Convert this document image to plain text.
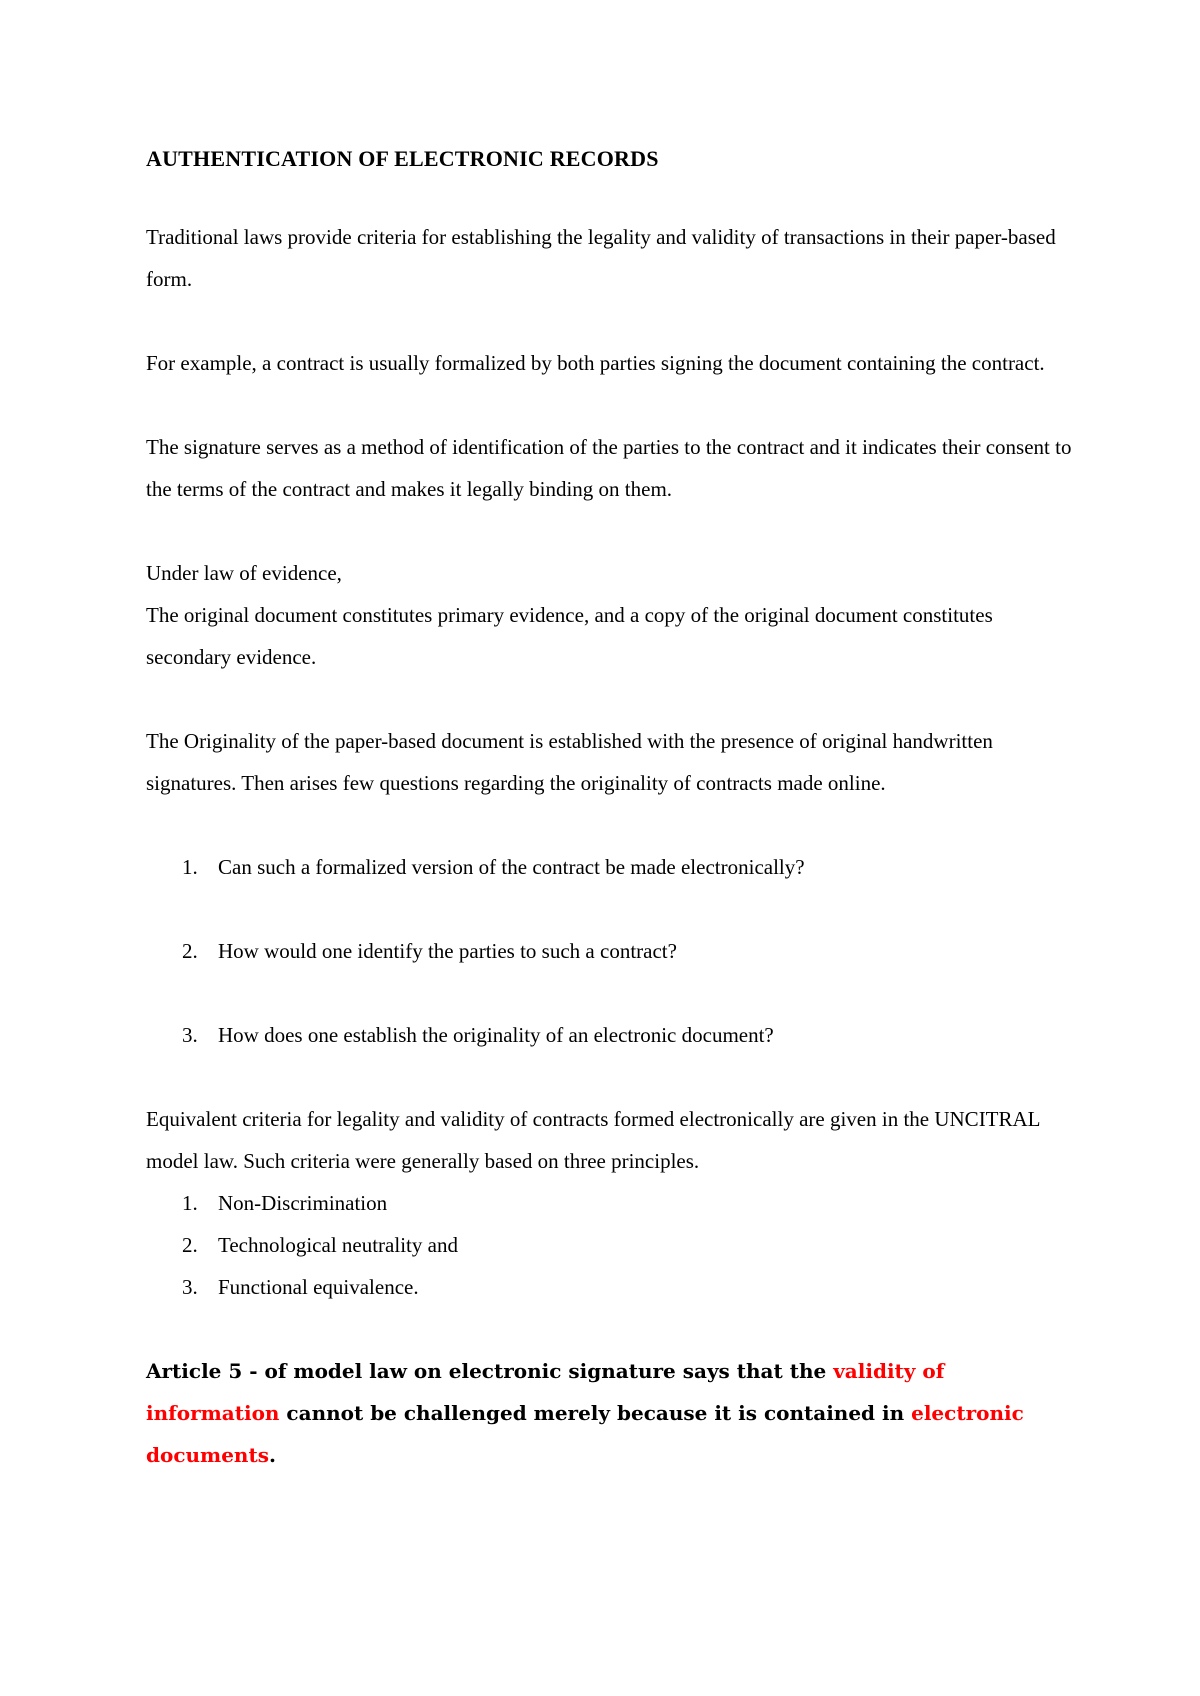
AUTHENTICATION OF ELECTRONIC RECORDS

Traditional laws provide criteria for establishing the legality and validity of transactions in their paper-based form.

For example, a contract is usually formalized by both parties signing the document containing the contract.

The signature serves as a method of identification of the parties to the contract and it indicates their consent to the terms of the contract and makes it legally binding on them.

Under law of evidence,

The original document constitutes primary evidence, and a copy of the original document constitutes secondary evidence.

The Originality of the paper-based document is established with the presence of original handwritten signatures. Then arises few questions regarding the originality of contracts made online.

1. Can such a formalized version of the contract be made electronically?
2. How would one identify the parties to such a contract?
3. How does one establish the originality of an electronic document?

Equivalent criteria for legality and validity of contracts formed electronically are given in the UNCITRAL model law. Such criteria were generally based on three principles.

1. Non-Discrimination
2. Technological neutrality and
3. Functional equivalence.

Article 5 - of model law on electronic signature says that the validity of information cannot be challenged merely because it is contained in electronic documents.
